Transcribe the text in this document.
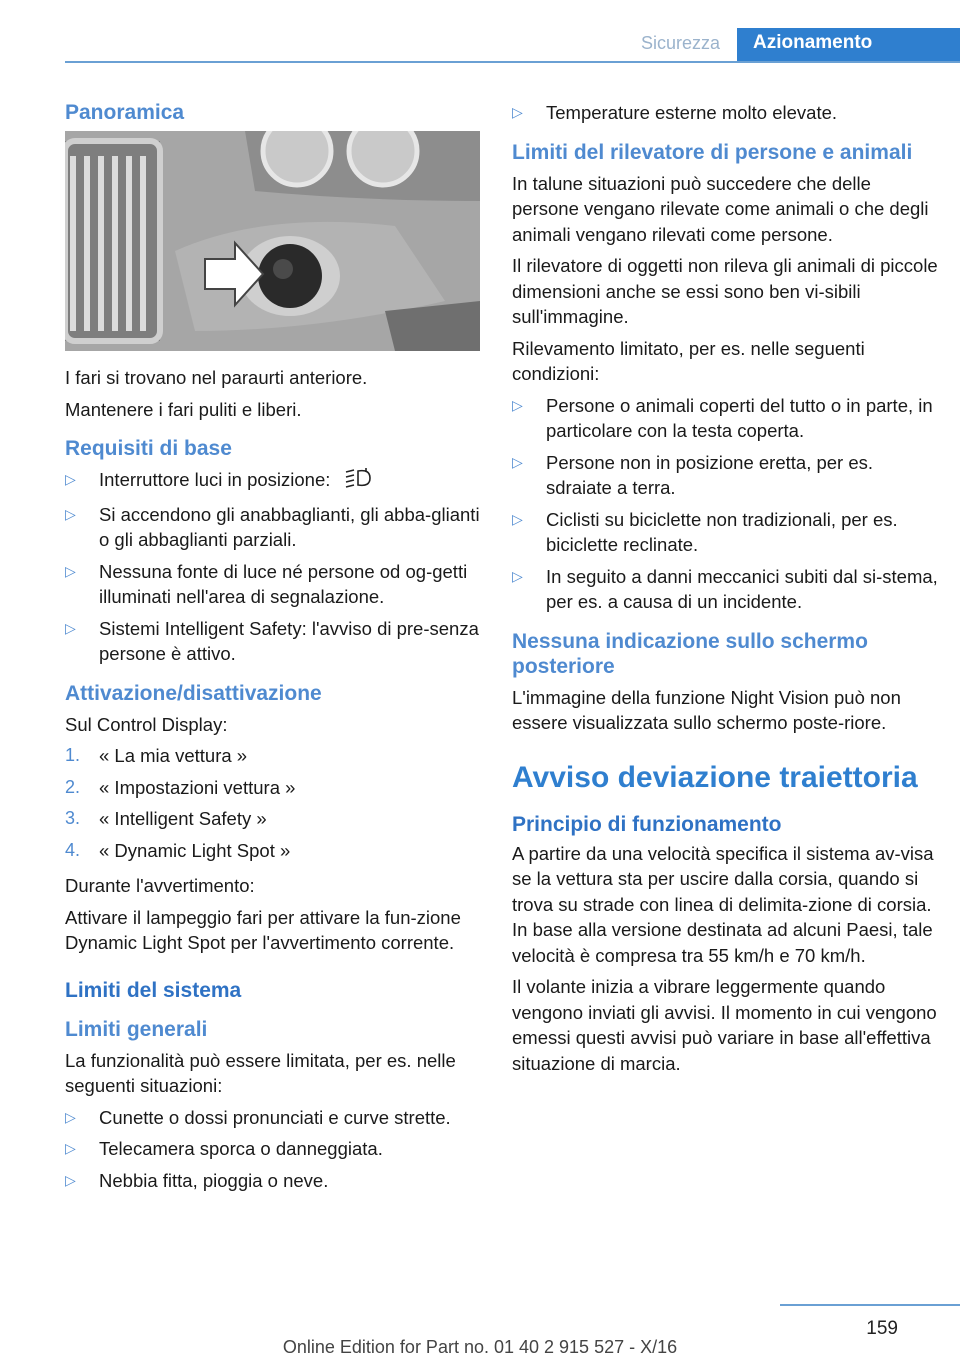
Sicurezza	Azionamento
Panoramica

I fari si trovano nel paraurti anteriore.

Mantenere i fari puliti e liberi.

Requisiti di base
▷ Interruttore luci in posizione:
▷ Si accendono gli anabbaglianti, gli abba‐glianti o gli abbaglianti parziali.
▷ Nessuna fonte di luce né persone od og‐getti illuminati nell'area di segnalazione.
▷ Sistemi Intelligent Safety: l'avviso di pre‐senza persone è attivo.
Attivazione/disattivazione

Sul Control Display:

1. « La mia vettura »
2. « Impostazioni vettura »
3. « Intelligent Safety »
4. « Dynamic Light Spot »

Durante l'avvertimento:

Attivare il lampeggio fari per attivare la fun‐zione Dynamic Light Spot per l'avvertimento corrente.

Limiti del sistema
Limiti generali

La funzionalità può essere limitata, per es. nelle seguenti situazioni:

▷ Cunette o dossi pronunciati e curve strette.
▷ Telecamera sporca o danneggiata.
▷ Nebbia fitta, pioggia o neve.
▷ Temperature esterne molto elevate.
Limiti del rilevatore di persone e animali

In talune situazioni può succedere che delle persone vengano rilevate come animali o che degli animali vengano rilevati come persone.

Il rilevatore di oggetti non rileva gli animali di piccole dimensioni anche se essi sono ben vi‐sibili sull'immagine.

Rilevamento limitato, per es. nelle seguenti condizioni:

▷ Persone o animali coperti del tutto o in parte, in particolare con la testa coperta.
▷ Persone non in posizione eretta, per es. sdraiate a terra.
▷ Ciclisti su biciclette non tradizionali, per es. biciclette reclinate.
▷ In seguito a danni meccanici subiti dal si‐stema, per es. a causa di un incidente.
Nessuna indicazione sullo schermo posteriore

L'immagine della funzione Night Vision può non essere visualizzata sullo schermo poste‐riore.

Avviso deviazione traiettoria
Principio di funzionamento

A partire da una velocità specifica il sistema av‐visa se la vettura sta per uscire dalla corsia, quando si trova su strade con linea di delimita‐zione di corsia. In base alla versione destinata ad alcuni Paesi, tale velocità è compresa tra 55 km/h e 70 km/h.

Il volante inizia a vibrare leggermente quando vengono inviati gli avvisi. Il momento in cui vengono emessi questi avvisi può variare in base all'effettiva situazione di marcia.

159
Online Edition for Part no. 01 40 2 915 527 - X/16
